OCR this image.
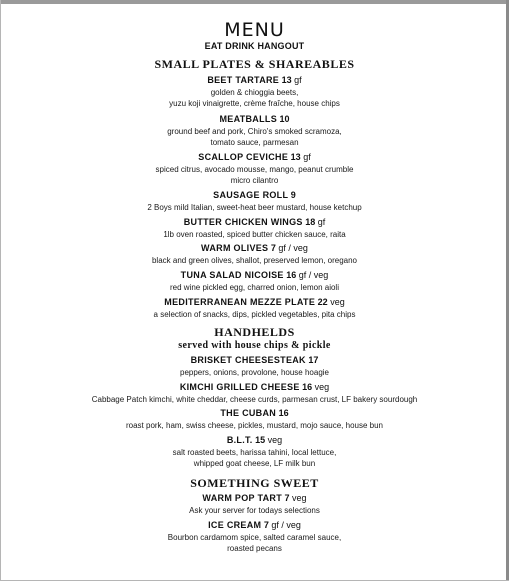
MENU
EAT DRINK HANGOUT
SMALL PLATES & SHAREABLES
BEET TARTARE 13 gf
golden & chioggia beets,
yuzu koji vinaigrette, crème fraîche, house chips
MEATBALLS 10
ground beef and pork, Chiro's smoked scramoza,
tomato sauce, parmesan
SCALLOP CEVICHE 13 gf
spiced citrus, avocado mousse, mango, peanut crumble
micro cilantro
SAUSAGE ROLL 9
2 Boys mild Italian, sweet-heat beer mustard, house ketchup
BUTTER CHICKEN WINGS 18 gf
1lb oven roasted, spiced butter chicken sauce, raita
WARM OLIVES 7 gf / veg
black and green olives, shallot, preserved lemon, oregano
TUNA SALAD NICOISE 16 gf / veg
red wine pickled egg, charred onion, lemon aioli
MEDITERRANEAN MEZZE PLATE 22 veg
a selection of snacks, dips, pickled vegetables, pita chips
HANDHELDS
served with house chips & pickle
BRISKET CHEESESTEAK 17
peppers, onions, provolone, house hoagie
KIMCHI GRILLED CHEESE 16 veg
Cabbage Patch kimchi, white cheddar, cheese curds, parmesan crust, LF bakery sourdough
THE CUBAN 16
roast pork, ham, swiss cheese, pickles, mustard, mojo sauce, house bun
B.L.T. 15 veg
salt roasted beets, harissa tahini, local lettuce,
whipped goat cheese, LF milk bun
SOMETHING SWEET
WARM POP TART 7 veg
Ask your server for todays selections
ICE CREAM 7 gf / veg
Bourbon cardamom spice, salted caramel sauce,
roasted pecans
